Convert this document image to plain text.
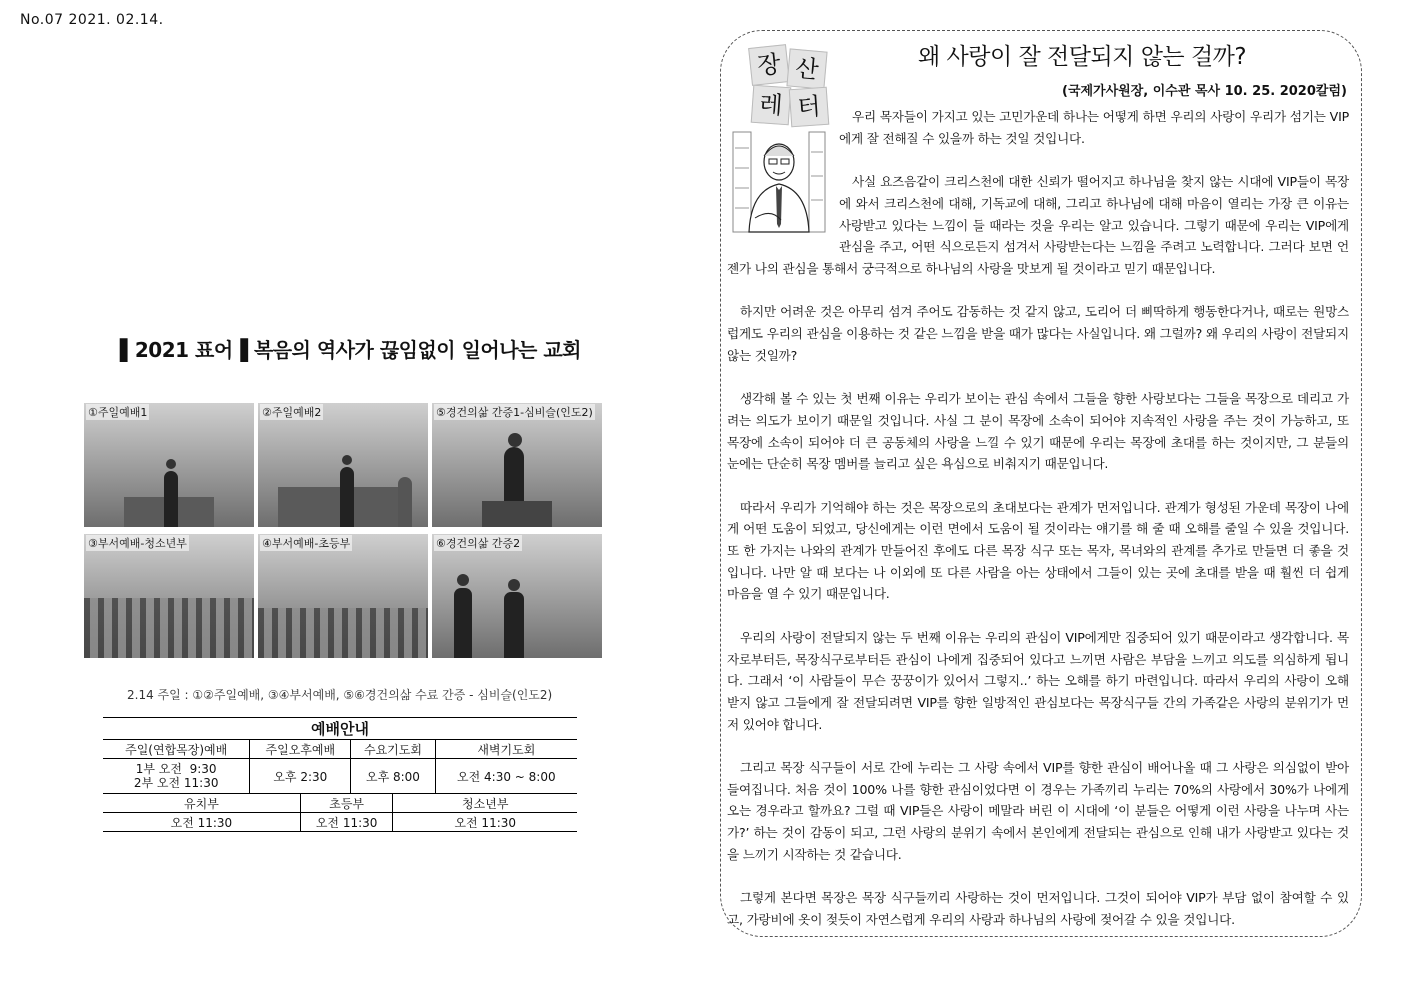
No.07 2021. 02.14.
▌2021 표어▐ 복음의 역사가 끊임없이 일어나는 교회
①주일예배1	②주일예배2	⑤경건의삶 간증1-심비슬(인도2)
③부서예배-청소년부	④부서예배-초등부	⑥경건의삶 간증2
2.14 주일 : ①②주일예배, ③④부서예배, ⑤⑥경건의삶 수료 간증 - 심비슬(인도2)
예배안내					
주일(연합목장)예배	주일오후예배		수요기도회		새벽기도회
1부 오전  9:30
2부 오전 11:30	오후 2:30		오후 8:00		오전 4:30 ~ 8:00
유치부		초등부		청소년부	
오전 11:30		오전 11:30		오전 11:30	
장 산
레 터
왜 사랑이 잘 전달되지 않는 걸까?
(국제가사원장, 이수관 목사 10. 25. 2020칼럼)

우리 목자들이 가지고 있는 고민가운데 하나는 어떻게 하면 우리의 사랑이 우리가 섬기는 VIP에게 잘 전해질 수 있을까 하는 것일 것입니다.

사실 요즈음같이 크리스천에 대한 신뢰가 떨어지고 하나님을 찾지 않는 시대에 VIP들이 목장에 와서 크리스천에 대해, 기독교에 대해, 그리고 하나님에 대해 마음이 열리는 가장 큰 이유는 사랑받고 있다는 느낌이 들 때라는 것을 우리는 알고 있습니다. 그렇기 때문에 우리는 VIP에게 관심을 주고, 어떤 식으로든지 섬겨서 사랑받는다는 느낌을 주려고 노력합니다. 그러다 보면 언젠가 나의 관심을 통해서 궁극적으로 하나님의 사랑을 맛보게 될 것이라고 믿기 때문입니다.

하지만 어려운 것은 아무리 섬겨 주어도 감동하는 것 같지 않고, 도리어 더 삐딱하게 행동한다거나, 때로는 원망스럽게도 우리의 관심을 이용하는 것 같은 느낌을 받을 때가 많다는 사실입니다. 왜 그럴까? 왜 우리의 사랑이 전달되지 않는 것일까?

생각해 볼 수 있는 첫 번째 이유는 우리가 보이는 관심 속에서 그들을 향한 사랑보다는 그들을 목장으로 데리고 가려는 의도가 보이기 때문일 것입니다. 사실 그 분이 목장에 소속이 되어야 지속적인 사랑을 주는 것이 가능하고, 또 목장에 소속이 되어야 더 큰 공동체의 사랑을 느낄 수 있기 때문에 우리는 목장에 초대를 하는 것이지만, 그 분들의 눈에는 단순히 목장 멤버를 늘리고 싶은 욕심으로 비춰지기 때문입니다.

따라서 우리가 기억해야 하는 것은 목장으로의 초대보다는 관계가 먼저입니다. 관계가 형성된 가운데 목장이 나에게 어떤 도움이 되었고, 당신에게는 이런 면에서 도움이 될 것이라는 얘기를 해 줄 때 오해를 줄일 수 있을 것입니다. 또 한 가지는 나와의 관계가 만들어진 후에도 다른 목장 식구 또는 목자, 목녀와의 관계를 추가로 만들면 더 좋을 것입니다. 나만 알 때 보다는 나 이외에 또 다른 사람을 아는 상태에서 그들이 있는 곳에 초대를 받을 때 훨씬 더 쉽게 마음을 열 수 있기 때문입니다.

우리의 사랑이 전달되지 않는 두 번째 이유는 우리의 관심이 VIP에게만 집중되어 있기 때문이라고 생각합니다. 목자로부터든, 목장식구로부터든 관심이 나에게 집중되어 있다고 느끼면 사람은 부담을 느끼고 의도를 의심하게 됩니다. 그래서 ‘이 사람들이 무슨 꿍꿍이가 있어서 그렇지..’ 하는 오해를 하기 마련입니다. 따라서 우리의 사랑이 오해 받지 않고 그들에게 잘 전달되려면 VIP를 향한 일방적인 관심보다는 목장식구들 간의 가족같은 사랑의 분위기가 먼저 있어야 합니다.

그리고 목장 식구들이 서로 간에 누리는 그 사랑 속에서 VIP를 향한 관심이 배어나올 때 그 사랑은 의심없이 받아들여집니다. 처음 것이 100% 나를 향한 관심이었다면 이 경우는 가족끼리 누리는 70%의 사랑에서 30%가 나에게 오는 경우라고 할까요? 그럴 때 VIP들은 사랑이 메말라 버린 이 시대에 ‘이 분들은 어떻게 이런 사랑을 나누며 사는가?’ 하는 것이 감동이 되고, 그런 사랑의 분위기 속에서 본인에게 전달되는 관심으로 인해 내가 사랑받고 있다는 것을 느끼기 시작하는 것 같습니다.

그렇게 본다면 목장은 목장 식구들끼리 사랑하는 것이 먼저입니다. 그것이 되어야 VIP가 부담 없이 참여할 수 있고, 가랑비에 옷이 젖듯이 자연스럽게 우리의 사랑과 하나님의 사랑에 젖어갈 수 있을 것입니다.
